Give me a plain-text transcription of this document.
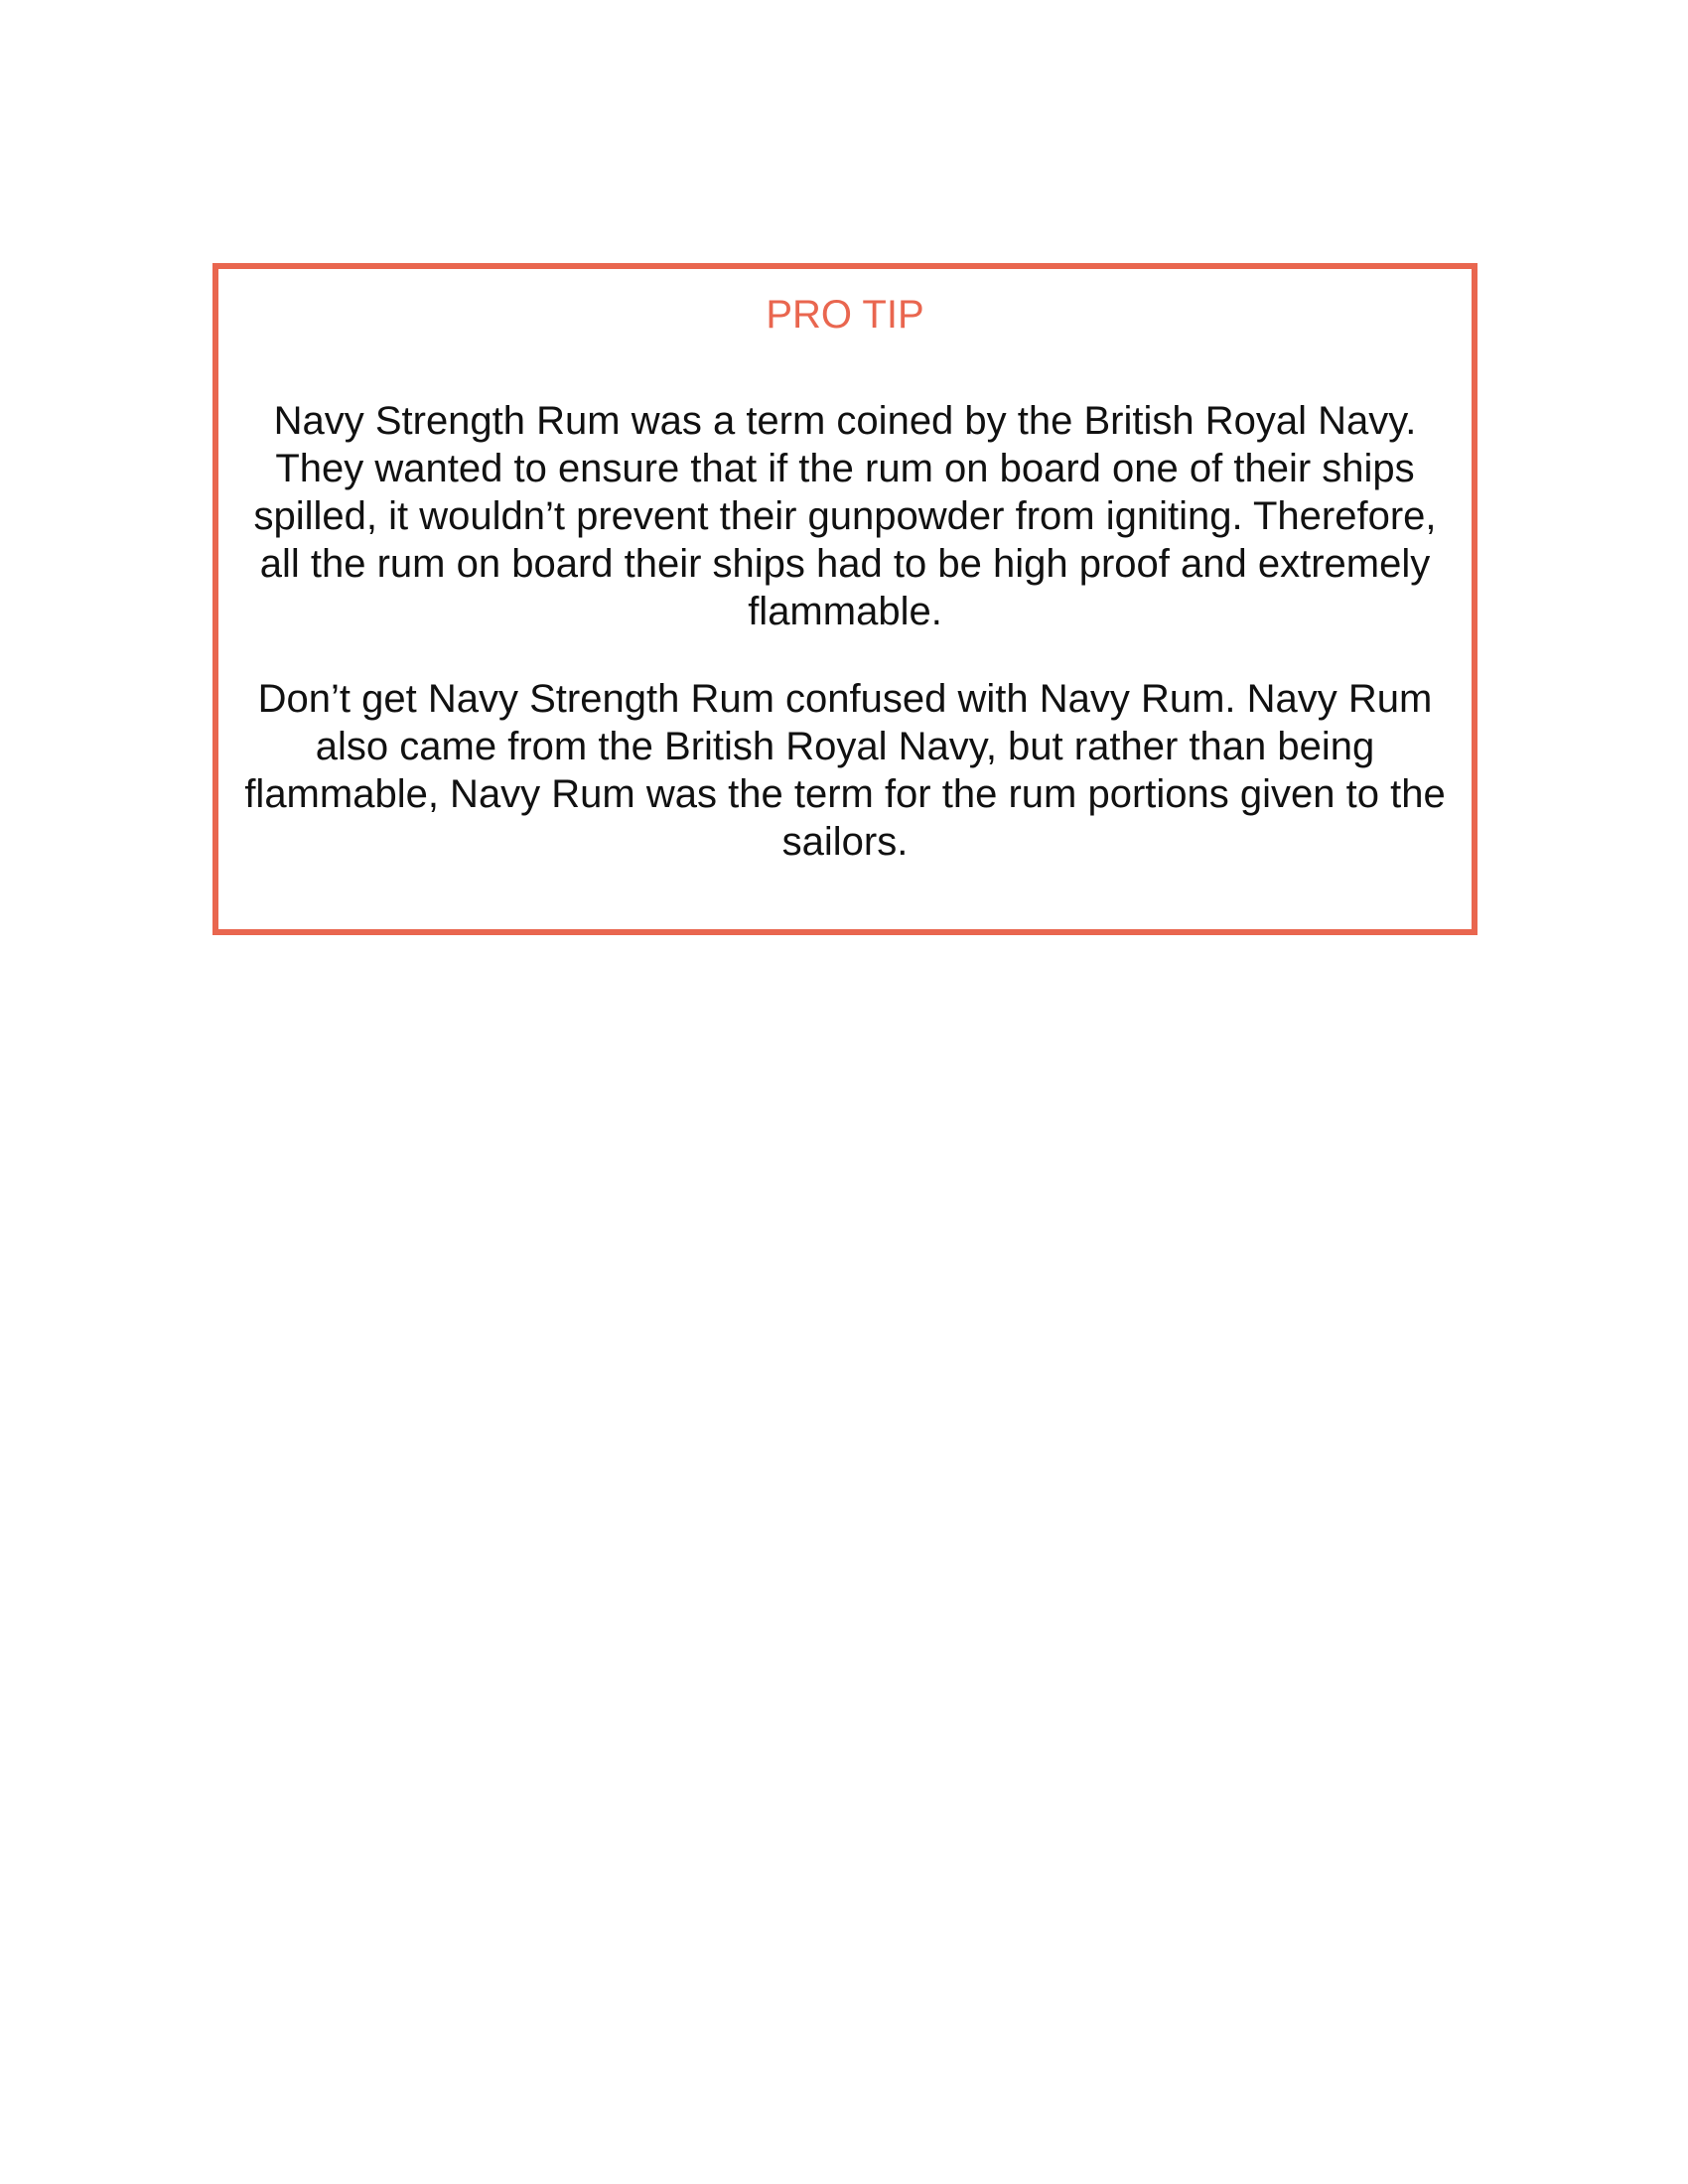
PRO TIP

Navy Strength Rum was a term coined by the British Royal Navy. They wanted to ensure that if the rum on board one of their ships spilled, it wouldn’t prevent their gunpowder from igniting. Therefore, all the rum on board their ships had to be high proof and extremely flammable.

Don’t get Navy Strength Rum confused with Navy Rum. Navy Rum also came from the British Royal Navy, but rather than being flammable, Navy Rum was the term for the rum portions given to the sailors.
